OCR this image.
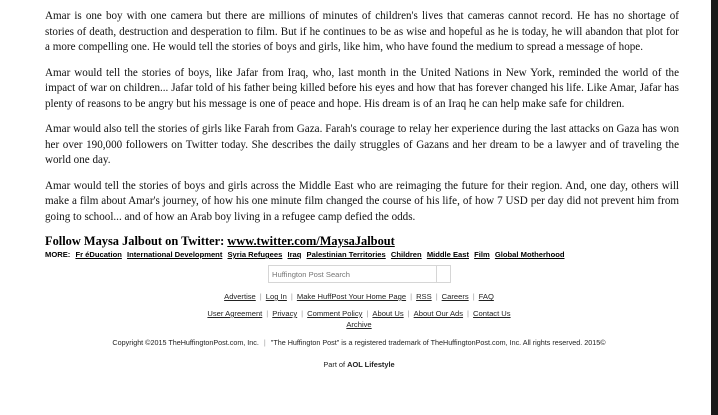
Amar is one boy with one camera but there are millions of minutes of children's lives that cameras cannot record. He has no shortage of stories of death, destruction and desperation to film. But if he continues to be as wise and hopeful as he is today, he will abandon that plot for a more compelling one. He would tell the stories of boys and girls, like him, who have found the medium to spread a message of hope.

Amar would tell the stories of boys, like Jafar from Iraq, who, last month in the United Nations in New York, reminded the world of the impact of war on children... Jafar told of his father being killed before his eyes and how that has forever changed his life. Like Amar, Jafar has plenty of reasons to be angry but his message is one of peace and hope. His dream is of an Iraq he can help make safe for children.

Amar would also tell the stories of girls like Farah from Gaza. Farah's courage to relay her experience during the last attacks on Gaza has won her over 190,000 followers on Twitter today. She describes the daily struggles of Gazans and her dream to be a lawyer and of traveling the world one day.

Amar would tell the stories of boys and girls across the Middle East who are reimaging the future for their region. And, one day, others will make a film about Amar's journey, of how his one minute film changed the course of his life, of how 7 USD per day did not prevent him from going to school... and of how an Arab boy living in a refugee camp defied the odds.

Follow Maysa Jalbout on Twitter: www.twitter.com/MaysaJalbout
MORE: Fr éDucation International Development Syria Refugees Iraq Palestinian Territories Children Middle East Film Global Motherhood
Huffington Post Search
Advertise | Log In | Make HuffPost Your Home Page | RSS | Careers | FAQ
User Agreement | Privacy | Comment Policy | About Us | About Our Ads | Contact Us
Archive
Copyright ©2015 TheHuffingtonPost.com, Inc. | "The Huffington Post" is a registered trademark of TheHuffingtonPost.com, Inc. All rights reserved. 2015©
Part of AOL Lifestyle
